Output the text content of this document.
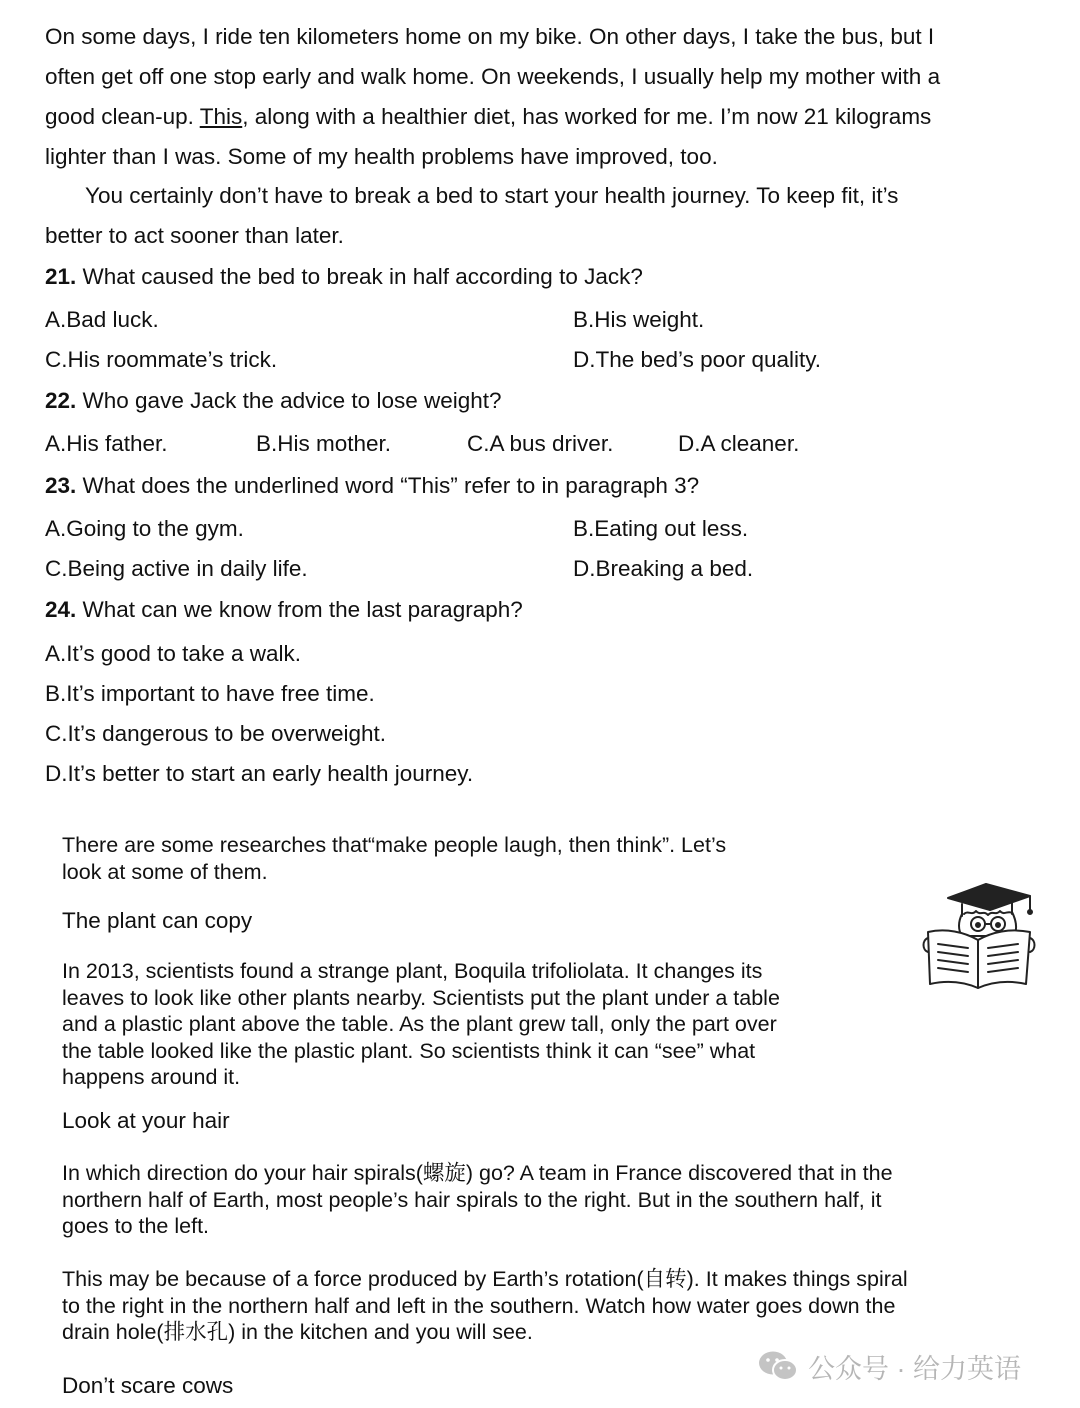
On some days, I ride ten kilometers home on my bike. On other days, I take the bus, but I
often get off one stop early and walk home. On weekends, I usually help my mother with a
good clean-up. This, along with a healthier diet, has worked for me. I’m now 21 kilograms
lighter than I was. Some of my health problems have improved, too.

You certainly don’t have to break a bed to start your health journey. To keep fit, it’s
better to act sooner than later.

21. What caused the bed to break in half according to Jack?

A.Bad luck.	B.His weight.

C.His roommate’s trick.	D.The bed’s poor quality.

22. Who gave Jack the advice to lose weight?

A.His father.	B.His mother.	C.A bus driver.	D.A cleaner.

23. What does the underlined word “This” refer to in paragraph 3?

A.Going to the gym.	B.Eating out less.

C.Being active in daily life.	D.Breaking a bed.

24. What can we know from the last paragraph?

A.It’s good to take a walk.

B.It’s important to have free time.

C.It’s dangerous to be overweight.

D.It’s better to start an early health journey.

There are some researches that“make people laugh, then think”. Let’s
look at some of them.

The plant can copy

In 2013, scientists found a strange plant, Boquila trifoliolata. It changes its
leaves to look like other plants nearby. Scientists put the plant under a table
and a plastic plant above the table. As the plant grew tall, only the part over
the table looked like the plastic plant. So scientists think it can “see” what
happens around it.

Look at your hair

In which direction do your hair spirals(螺旋) go? A team in France discovered that in the
northern half of Earth, most people’s hair spirals to the right. But in the southern half, it
goes to the left.

This may be because of a force produced by Earth’s rotation(自转). It makes things spiral
to the right in the northern half and left in the southern. Watch how water goes down the
drain hole(排水孔) in the kitchen and you will see.

Don’t scare cows

公众号 · 给力英语
